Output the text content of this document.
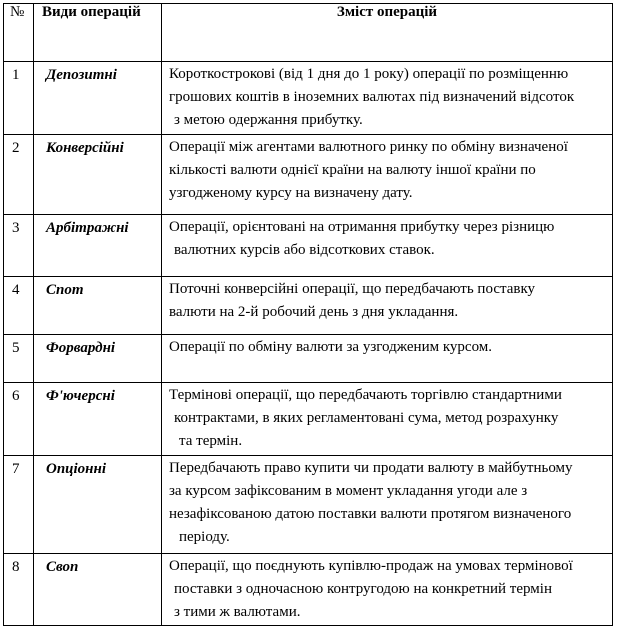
№	Види операцій	Зміст операцій
1	Депозитні	Короткострокові (від 1 дня до 1 року) операції по розміщенню
грошових коштів в іноземних валютах під визначений відсоток
з метою одержання прибутку.

2	Конверсійні	Операції між агентами валютного ринку по обміну визначеної
кількості валюти однієї країни на валюту іншої країни по
узгодженому курсу на визначену дату.

3	Арбітражні	Операції, орієнтовані на отримання прибутку через різницю
валютних курсів або відсоткових ставок.

4	Спот	Поточні конверсійні операції, що передбачають поставку
валюти на 2-й робочий день з дня укладання.

5	Форвардні	Операції по обміну валюти за узгодженим курсом.

6	Ф'ючерсні	Термінові операції, що передбачають торгівлю стандартними
контрактами, в яких регламентовані сума, метод розрахунку
та термін.

7	Опціонні	Передбачають право купити чи продати валюту в майбутньому
за курсом зафіксованим в момент укладання угоди але з
незафіксованою датою поставки валюти протягом визначеного
періоду.

8	Своп	Операції, що поєднують купівлю-продаж на умовах термінової
поставки з одночасною контругодою на конкретний термін
з тими ж валютами.
